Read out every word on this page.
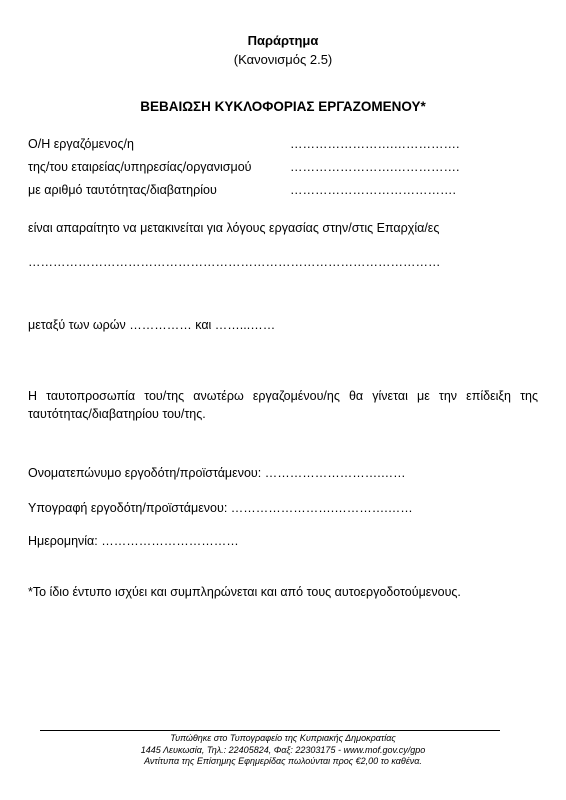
Παράρτημα
(Κανονισμός 2.5)
ΒΕΒΑΙΩΣΗ ΚΥΚΛΟΦΟΡΙΑΣ ΕΡΓΑΖΟΜΕΝΟΥ*
Ο/Η εργαζόμενος/η	…………………….…………….
της/του εταιρείας/υπηρεσίας/οργανισμού	…………………….…………….
με αριθμό ταυτότητας/διαβατηρίου	………………………………….
είναι απαραίτητο να μετακινείται για λόγους εργασίας στην/στις Επαρχία/ες
………………………………………………………………………………………
μεταξύ των ωρών …………… και ……...……
Η ταυτοπροσωπία του/της ανωτέρω εργαζομένου/ης θα γίνεται με την επίδειξη της ταυτότητας/διαβατηρίου του/της.
Ονοματεπώνυμο εργοδότη/προϊστάμενου: ……………………….……
Υπογραφή εργοδότη/προϊστάμενου: …………………….………….……
Ημερομηνία: ……………………………
*Το ίδιο έντυπο ισχύει και συμπληρώνεται και από τους αυτοεργοδοτούμενους.
Τυπώθηκε στο Τυπογραφείο της Κυπριακής Δημοκρατίας
1445 Λευκωσία, Τηλ.: 22405824, Φαξ: 22303175 - www.mof.gov.cy/gpo
Αντίτυπα της Επίσημης Εφημερίδας πωλούνται προς €2,00 το καθένα.
